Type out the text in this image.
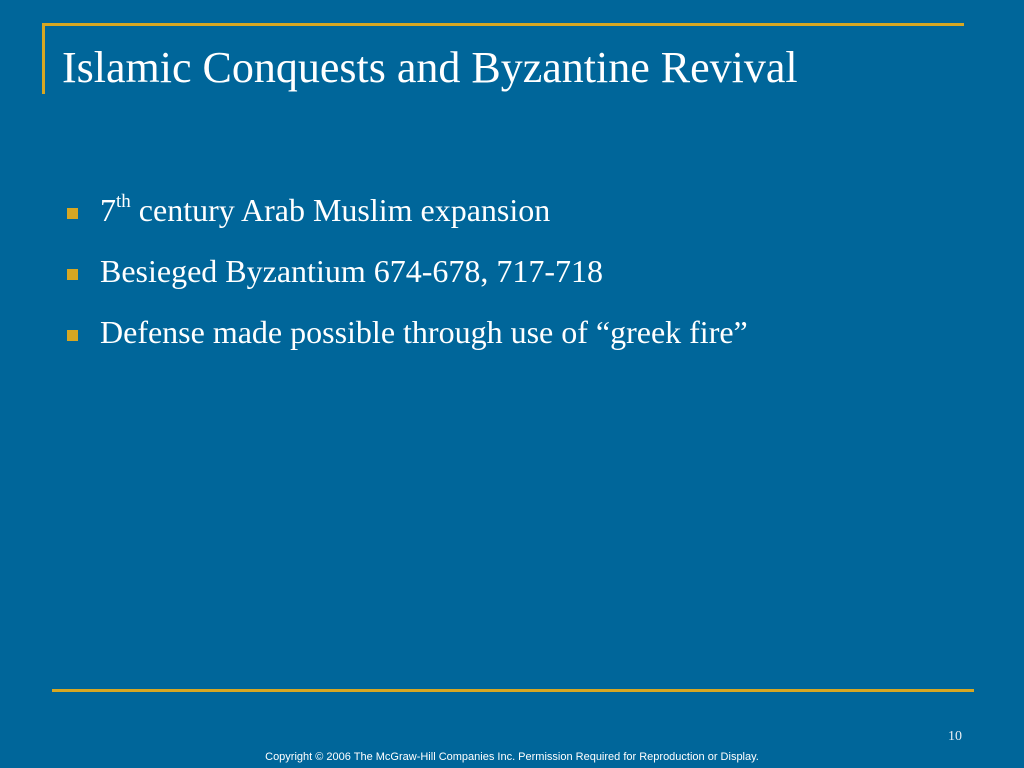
Islamic Conquests and Byzantine Revival
7th century Arab Muslim expansion
Besieged Byzantium 674-678, 717-718
Defense made possible through use of “greek fire”
10
Copyright © 2006 The McGraw-Hill Companies Inc. Permission Required for Reproduction or Display.
